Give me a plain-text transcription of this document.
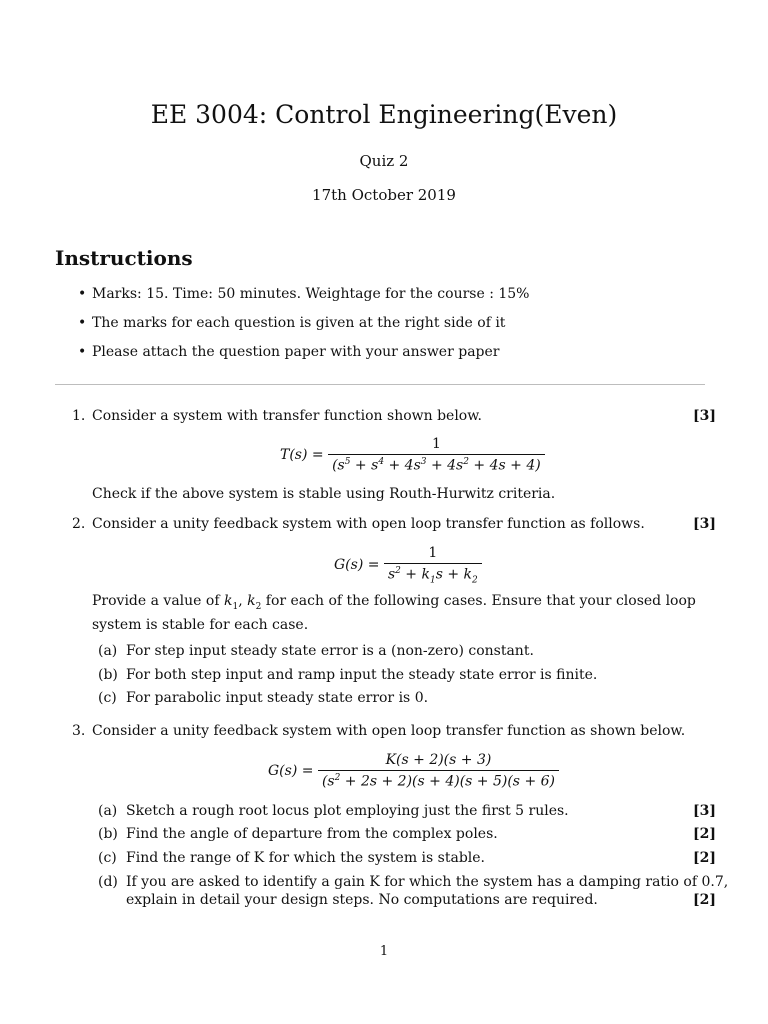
EE 3004: Control Engineering(Even)
Quiz 2
17th October 2019
Instructions
• Marks: 15. Time: 50 minutes. Weightage for the course : 15%
• The marks for each question is given at the right side of it
• Please attach the question paper with your answer paper
1. Consider a system with transfer function shown below.	[3]
$T(s) = \frac{1}{(s^5 + s^4 + 4s^3 + 4s^2 + 4s + 4)}$
Check if the above system is stable using Routh-Hurwitz criteria.
2. Consider a unity feedback system with open loop transfer function as follows.	[3]
$G(s) = \frac{1}{s^2 + k_1s + k_2}$
Provide a value of $k_1$, $k_2$ for each of the following cases. Ensure that your closed loop system is stable for each case.
(a) For step input steady state error is a (non-zero) constant.
(b) For both step input and ramp input the steady state error is finite.
(c) For parabolic input steady state error is 0.
3. Consider a unity feedback system with open loop transfer function as shown below.
$G(s) = \frac{K(s + 2)(s + 3)}{(s^2 + 2s + 2)(s + 4)(s + 5)(s + 6)}$
(a) Sketch a rough root locus plot employing just the first 5 rules.	[3]
(b) Find the angle of departure from the complex poles.	[2]
(c) Find the range of K for which the system is stable.	[2]
(d) If you are asked to identify a gain K for which the system has a damping ratio of 0.7,
explain in detail your design steps. No computations are required.	[2]
1
